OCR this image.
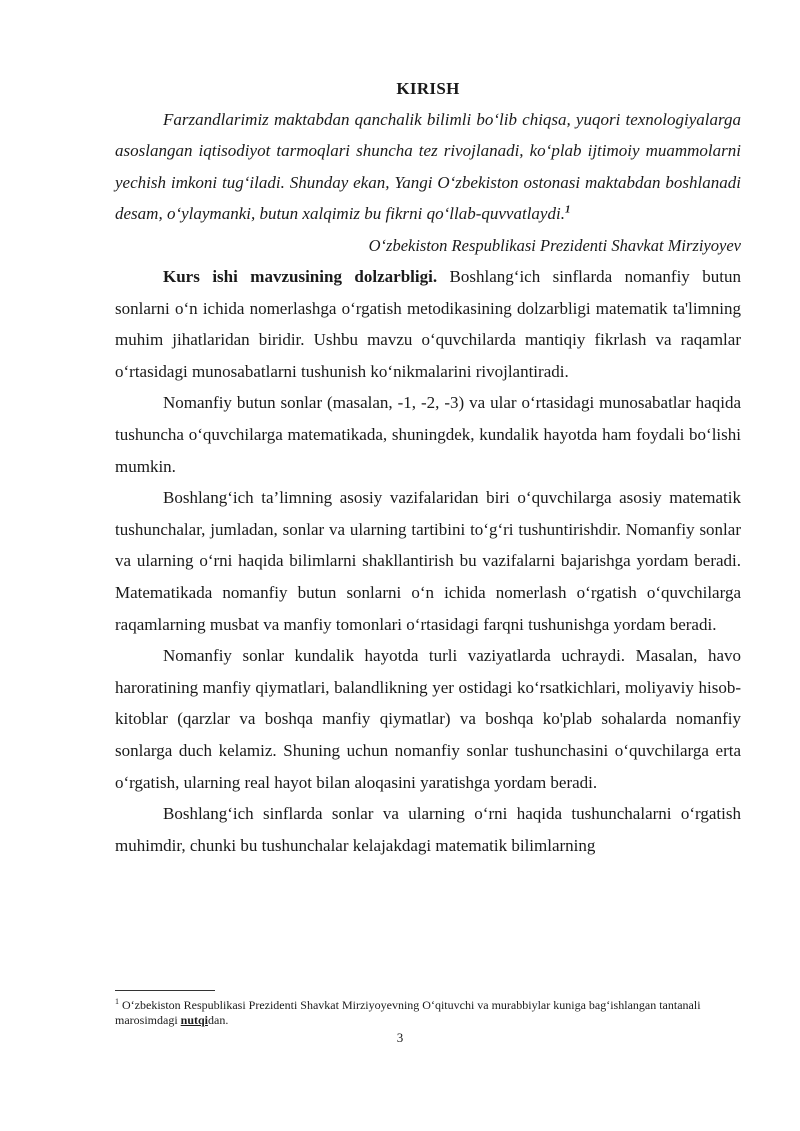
KIRISH

Farzandlarimiz maktabdan qanchalik bilimli bo‘lib chiqsa, yuqori texnologiyalarga asoslangan iqtisodiyot tarmoqlari shuncha tez rivojlanadi, ko‘plab ijtimoiy muammolarni yechish imkoni tug‘iladi. Shunday ekan, Yangi O‘zbekiston ostonasi maktabdan boshlanadi desam, o‘ylaymanki, butun xalqimiz bu fikrni qo‘llab-quvvatlaydi.$^1$

O‘zbekiston Respublikasi Prezidenti Shavkat Mirziyoyev

Kurs ishi mavzusining dolzarbligi. Boshlang‘ich sinflarda nomanfiy butun sonlarni o‘n ichida nomerlashga o‘rgatish metodikasining dolzarbligi matematik ta'limning muhim jihatlaridan biridir. Ushbu mavzu o‘quvchilarda mantiqiy fikrlash va raqamlar o‘rtasidagi munosabatlarni tushunish ko‘nikmalarini rivojlantiradi.

Nomanfiy butun sonlar (masalan, -1, -2, -3) va ular o‘rtasidagi munosabatlar haqida tushuncha o‘quvchilarga matematikada, shuningdek, kundalik hayotda ham foydali bo‘lishi mumkin.

Boshlang‘ich ta’limning asosiy vazifalaridan biri o‘quvchilarga asosiy matematik tushunchalar, jumladan, sonlar va ularning tartibini to‘g‘ri tushuntirishdir. Nomanfiy sonlar va ularning o‘rni haqida bilimlarni shakllantirish bu vazifalarni bajarishga yordam beradi. Matematikada nomanfiy butun sonlarni o‘n ichida nomerlash o‘rgatish o‘quvchilarga raqamlarning musbat va manfiy tomonlari o‘rtasidagi farqni tushunishga yordam beradi.

Nomanfiy sonlar kundalik hayotda turli vaziyatlarda uchraydi. Masalan, havo haroratining manfiy qiymatlari, balandlikning yer ostidagi ko‘rsatkichlari, moliyaviy hisob-kitoblar (qarzlar va boshqa manfiy qiymatlar) va boshqa ko'plab sohalarda nomanfiy sonlarga duch kelamiz. Shuning uchun nomanfiy sonlar tushunchasini o‘quvchilarga erta o‘rgatish, ularning real hayot bilan aloqasini yaratishga yordam beradi.

Boshlang‘ich sinflarda sonlar va ularning o‘rni haqida tushunchalarni o‘rgatish muhimdir, chunki bu tushunchalar kelajakdagi matematik bilimlarning

$^1$ O‘zbekiston Respublikasi Prezidenti Shavkat Mirziyoyevning O‘qituvchi va murabbiylar kuniga bag‘ishlangan tantanali marosimdagi nutqidan.

3
